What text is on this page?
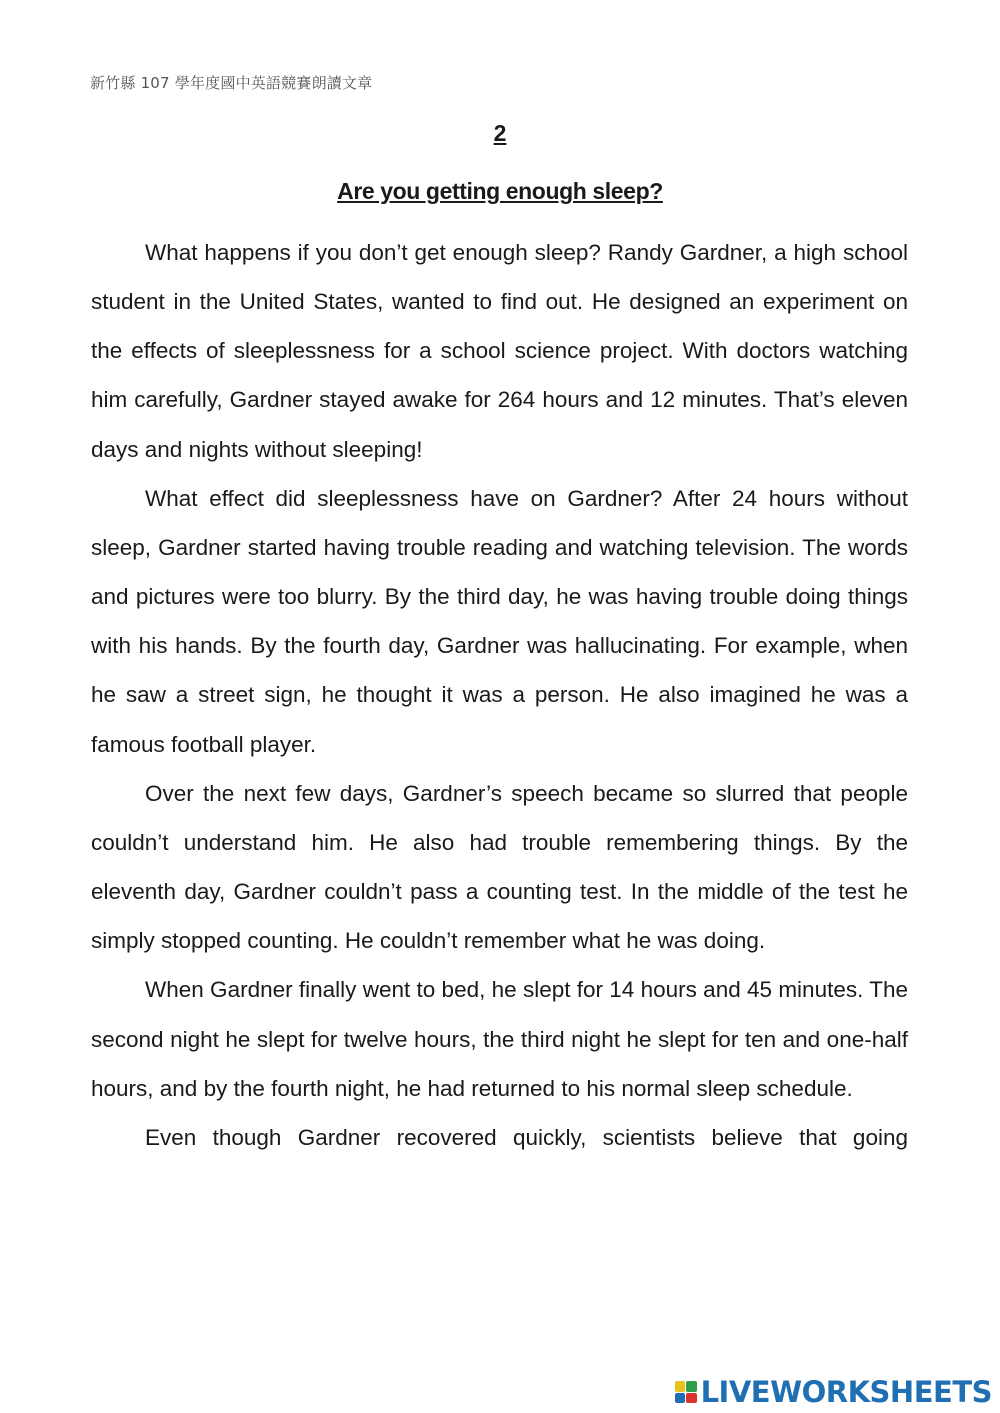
新竹縣 107 學年度國中英語競賽朗讀文章
2
Are you getting enough sleep?

What happens if you don’t get enough sleep? Randy Gardner, a high school student in the United States, wanted to find out. He designed an experiment on the effects of sleeplessness for a school science project. With doctors watching him carefully, Gardner stayed awake for 264 hours and 12 minutes. That’s eleven days and nights without sleeping!

What effect did sleeplessness have on Gardner? After 24 hours without sleep, Gardner started having trouble reading and watching television. The words and pictures were too blurry. By the third day, he was having trouble doing things with his hands. By the fourth day, Gardner was hallucinating. For example, when he saw a street sign, he thought it was a person. He also imagined he was a famous football player.

Over the next few days, Gardner’s speech became so slurred that people couldn’t understand him. He also had trouble remembering things. By the eleventh day, Gardner couldn’t pass a counting test. In the middle of the test he simply stopped counting. He couldn’t remember what he was doing.

When Gardner finally went to bed, he slept for 14 hours and 45 minutes. The second night he slept for twelve hours, the third night he slept for ten and one-half hours, and by the fourth night, he had returned to his normal sleep schedule.

Even though Gardner recovered quickly, scientists believe that going

LIVEWORKSHEETS
